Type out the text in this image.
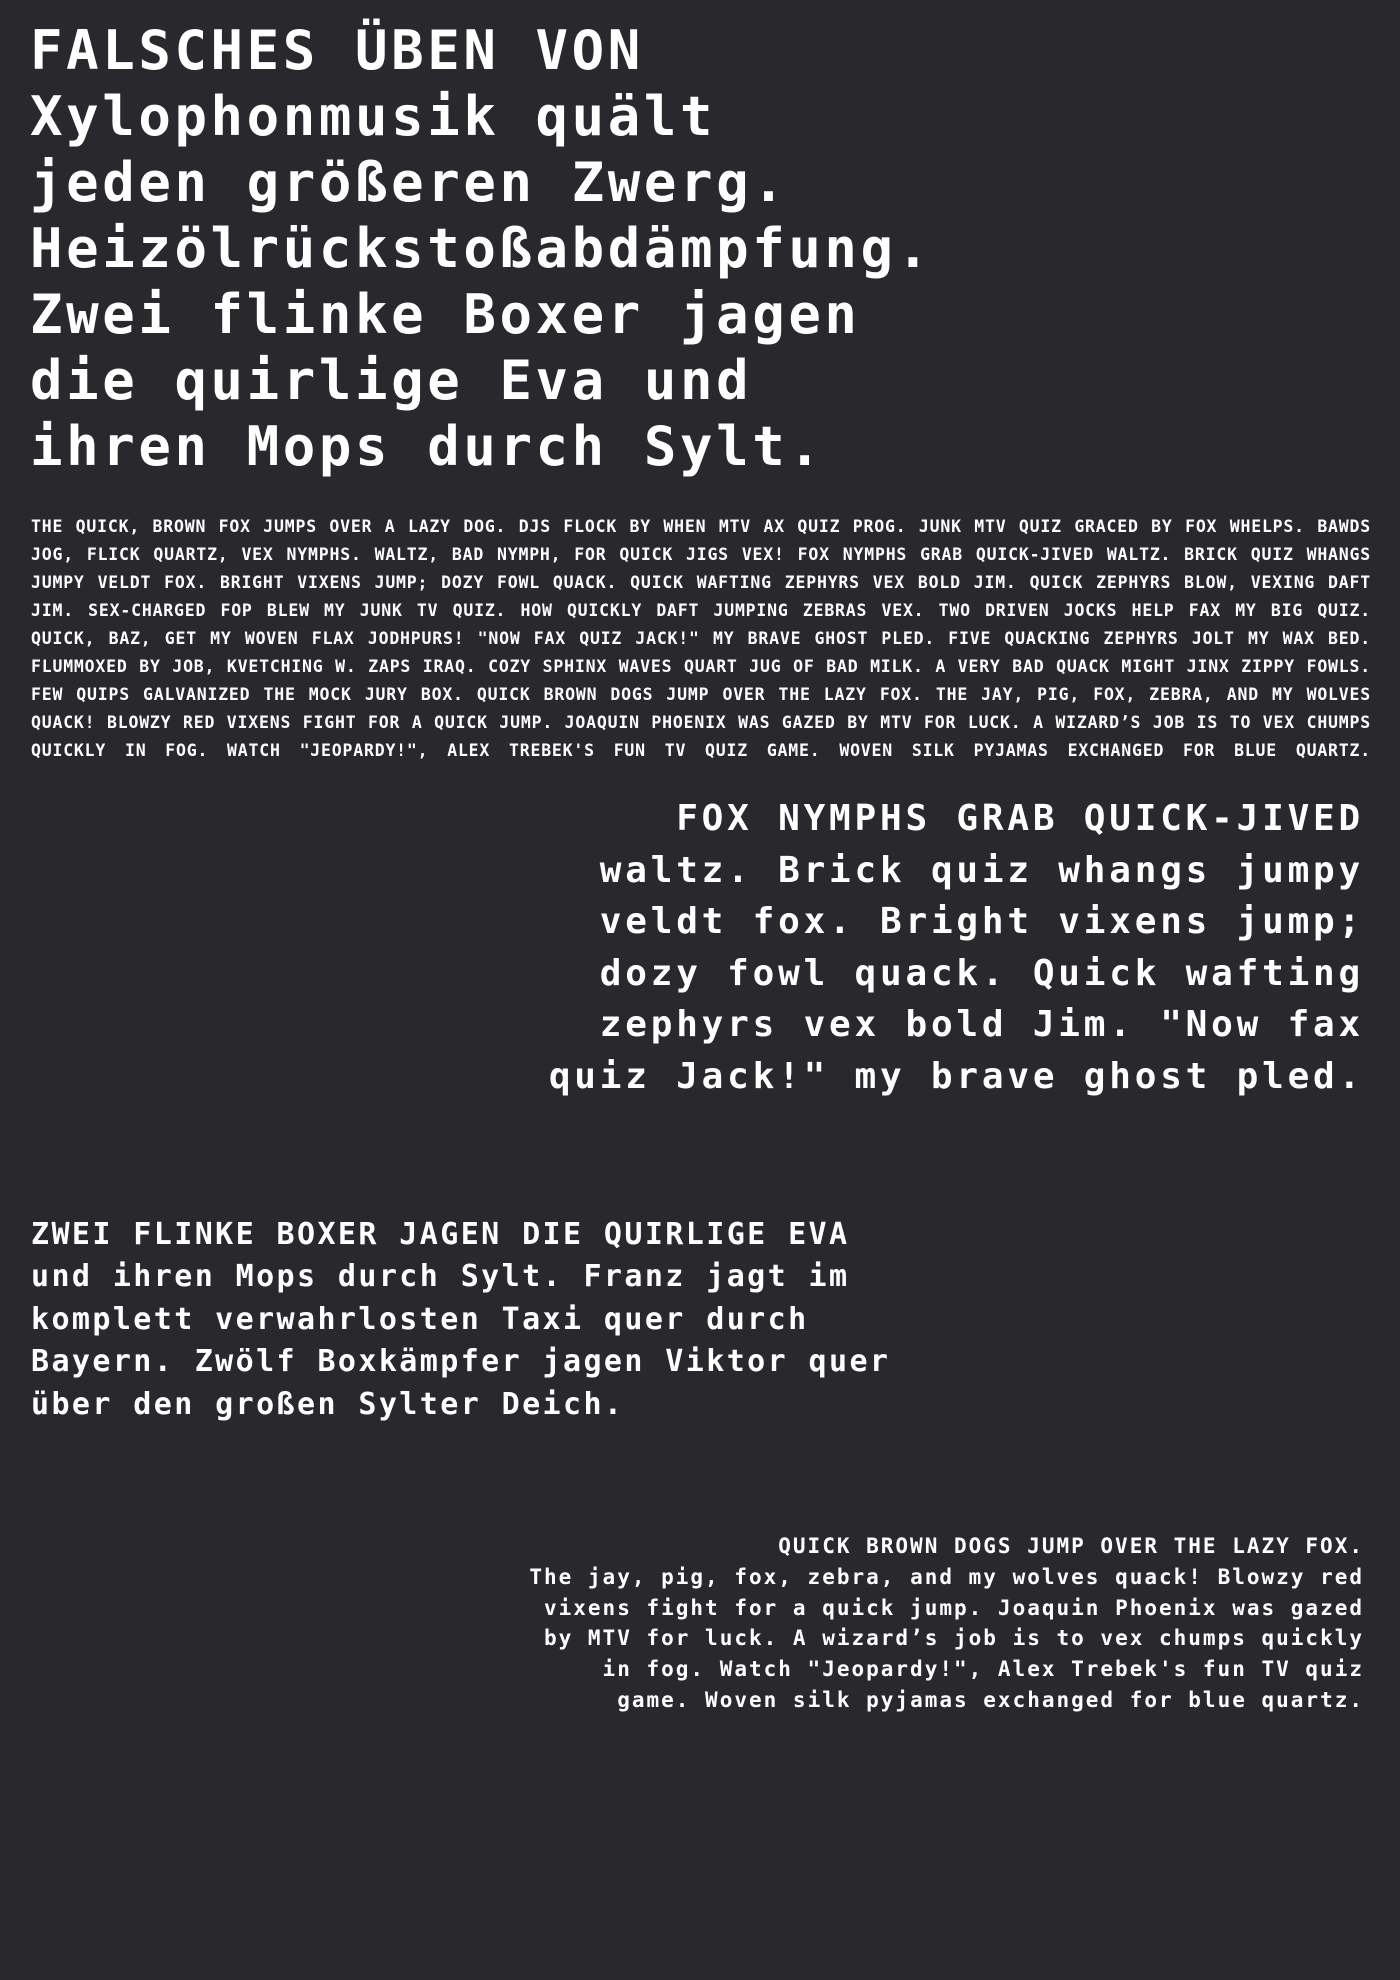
FALSCHES ÜBEN VON
Xylophonmusik quält
jeden größeren Zwerg.
Heizölrückstoßabdämpfung.
Zwei flinke Boxer jagen
die quirlige Eva und
ihren Mops durch Sylt.

THE QUICK, BROWN FOX JUMPS OVER A LAZY DOG. DJS FLOCK BY WHEN MTV AX QUIZ PROG. JUNK MTV QUIZ GRACED BY FOX WHELPS. BAWDS JOG, FLICK QUARTZ, VEX NYMPHS. WALTZ, BAD NYMPH, FOR QUICK JIGS VEX! FOX NYMPHS GRAB QUICK-JIVED WALTZ. BRICK QUIZ WHANGS JUMPY VELDT FOX. BRIGHT VIXENS JUMP; DOZY FOWL QUACK. QUICK WAFTING ZEPHYRS VEX BOLD JIM. QUICK ZEPHYRS BLOW, VEXING DAFT JIM. SEX-CHARGED FOP BLEW MY JUNK TV QUIZ. HOW QUICKLY DAFT JUMPING ZEBRAS VEX. TWO DRIVEN JOCKS HELP FAX MY BIG QUIZ. QUICK, BAZ, GET MY WOVEN FLAX JODHPURS! "NOW FAX QUIZ JACK!" MY BRAVE GHOST PLED. FIVE QUACKING ZEPHYRS JOLT MY WAX BED. FLUMMOXED BY JOB, KVETCHING W. ZAPS IRAQ. COZY SPHINX WAVES QUART JUG OF BAD MILK. A VERY BAD QUACK MIGHT JINX ZIPPY FOWLS. FEW QUIPS GALVANIZED THE MOCK JURY BOX. QUICK BROWN DOGS JUMP OVER THE LAZY FOX. THE JAY, PIG, FOX, ZEBRA, AND MY WOLVES QUACK! BLOWZY RED VIXENS FIGHT FOR A QUICK JUMP. JOAQUIN PHOENIX WAS GAZED BY MTV FOR LUCK. A WIZARD’S JOB IS TO VEX CHUMPS QUICKLY IN FOG. WATCH "JEOPARDY!", ALEX TREBEK'S FUN TV QUIZ GAME. WOVEN SILK PYJAMAS EXCHANGED FOR BLUE QUARTZ.

FOX NYMPHS GRAB QUICK-JIVED
waltz. Brick quiz whangs jumpy
veldt fox. Bright vixens jump;
dozy fowl quack. Quick wafting
zephyrs vex bold Jim. "Now fax
quiz Jack!" my brave ghost pled.

ZWEI FLINKE BOXER JAGEN DIE QUIRLIGE EVA
und ihren Mops durch Sylt. Franz jagt im
komplett verwahrlosten Taxi quer durch
Bayern. Zwölf Boxkämpfer jagen Viktor quer
über den großen Sylter Deich.

QUICK BROWN DOGS JUMP OVER THE LAZY FOX.
The jay, pig, fox, zebra, and my wolves quack! Blowzy red
vixens fight for a quick jump. Joaquin Phoenix was gazed
by MTV for luck. A wizard’s job is to vex chumps quickly
in fog. Watch "Jeopardy!", Alex Trebek's fun TV quiz
game. Woven silk pyjamas exchanged for blue quartz.
